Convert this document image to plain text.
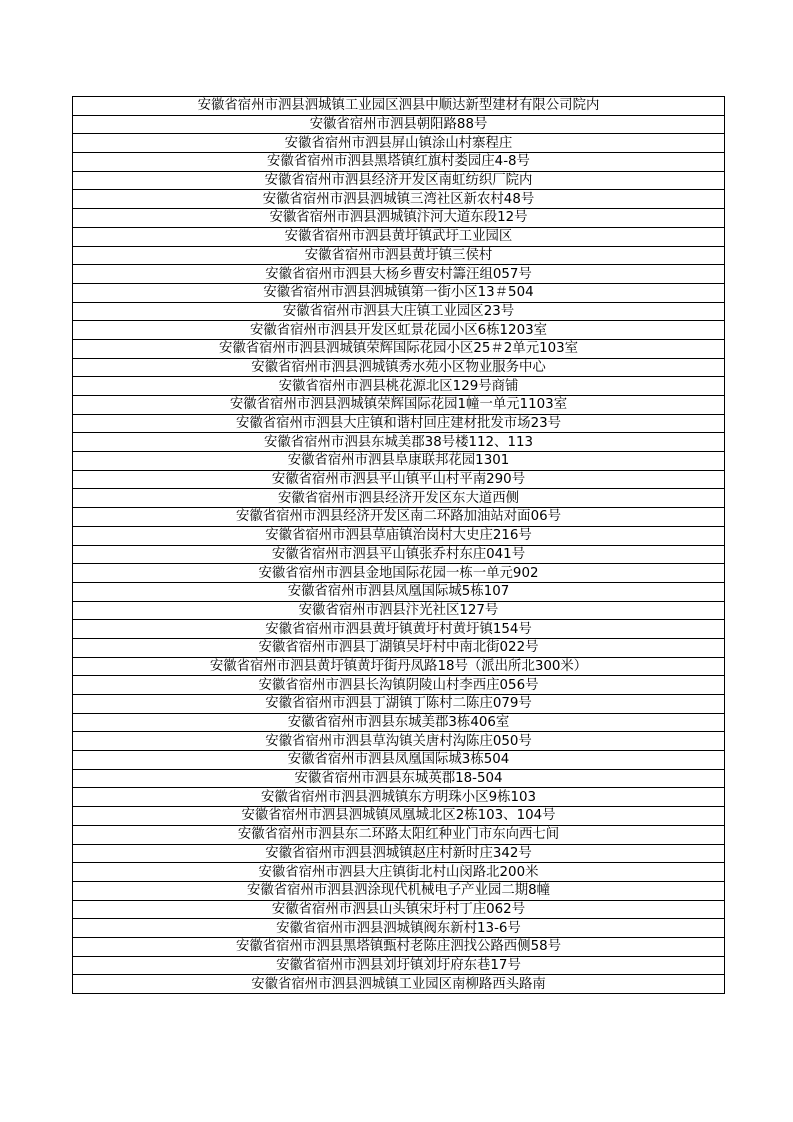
安徽省宿州市泗县泗城镇工业园区泗县中顺达新型建材有限公司院内
安徽省宿州市泗县朝阳路88号
安徽省宿州市泗县屏山镇涂山村寨程庄
安徽省宿州市泗县黑塔镇红旗村娄园庄4-8号
安徽省宿州市泗县经济开发区南虹纺织厂院内
安徽省宿州市泗县泗城镇三湾社区新农村48号
安徽省宿州市泗县泗城镇汴河大道东段12号
安徽省宿州市泗县黄圩镇武圩工业园区
安徽省宿州市泗县黄圩镇三侯村
安徽省宿州市泗县大杨乡曹安村籌汪组057号
安徽省宿州市泗县泗城镇第一街小区13＃504
安徽省宿州市泗县大庄镇工业园区23号
安徽省宿州市泗县开发区虹景花园小区6栋1203室
安徽省宿州市泗县泗城镇荣辉国际花园小区25＃2单元103室
安徽省宿州市泗县泗城镇秀水苑小区物业服务中心
安徽省宿州市泗县桃花源北区129号商铺
安徽省宿州市泗县泗城镇荣辉国际花园1幢一单元1103室
安徽省宿州市泗县大庄镇和谐村回庄建材批发市场23号
安徽省宿州市泗县东城美郡38号楼112、113
安徽省宿州市泗县阜康联邦花园1301
安徽省宿州市泗县平山镇平山村平南290号
安徽省宿州市泗县经济开发区东大道西侧
安徽省宿州市泗县经济开发区南二环路加油站对面06号
安徽省宿州市泗县草庙镇治岗村大史庄216号
安徽省宿州市泗县平山镇张乔村东庄041号
安徽省宿州市泗县金地国际花园一栋一单元902
安徽省宿州市泗县凤凰国际城5栋107
安徽省宿州市泗县汴光社区127号
安徽省宿州市泗县黄圩镇黄圩村黄圩镇154号
安徽省宿州市泗县丁湖镇吴圩村中南北街022号
安徽省宿州市泗县黄圩镇黄圩街丹凤路18号（派出所北300米）
安徽省宿州市泗县长沟镇阴陵山村李西庄056号
安徽省宿州市泗县丁湖镇丁陈村二陈庄079号
安徽省宿州市泗县东城美郡3栋406室
安徽省宿州市泗县草沟镇关唐村沟陈庄050号
安徽省宿州市泗县凤凰国际城3栋504
安徽省宿州市泗县东城英郡18-504
安徽省宿州市泗县泗城镇东方明珠小区9栋103
安徽省宿州市泗县泗城镇凤凰城北区2栋103、104号
安徽省宿州市泗县东二环路太阳红种业门市东向西七间
安徽省宿州市泗县泗城镇赵庄村新时庄342号
安徽省宿州市泗县大庄镇街北村山闵路北200米
安徽省宿州市泗县泗涂现代机械电子产业园二期8幢
安徽省宿州市泗县山头镇宋圩村丁庄062号
安徽省宿州市泗县泗城镇阀东新村13-6号
安徽省宿州市泗县黑塔镇甄村老陈庄泗找公路西侧58号
安徽省宿州市泗县刘圩镇刘圩府东巷17号
安徽省宿州市泗县泗城镇工业园区南柳路西头路南
